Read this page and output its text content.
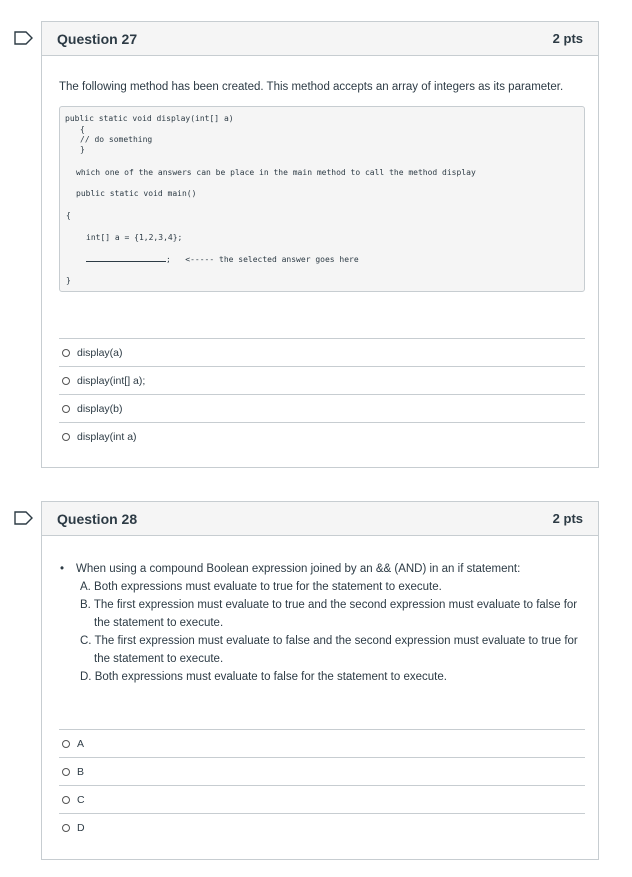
Question 27	2 pts
The following method has been created. This method accepts an array of integers as its parameter.
public static void display(int[] a)
{
// do something
}
which one of the answers can be place in the main method to call the method display
public static void main()
{
int[] a = {1,2,3,4};
; <----- the selected answer goes here
}
display(a)
display(int[] a);
display(b)
display(int a)
Question 28	2 pts
•	When using a compound Boolean expression joined by an && (AND) in an if statement:
A. Both expressions must evaluate to true for the statement to execute.
B. The first expression must evaluate to true and the second expression must evaluate to false for the statement to execute.
C. The first expression must evaluate to false and the second expression must evaluate to true for the statement to execute.
D. Both expressions must evaluate to false for the statement to execute.
A
B
C
D
